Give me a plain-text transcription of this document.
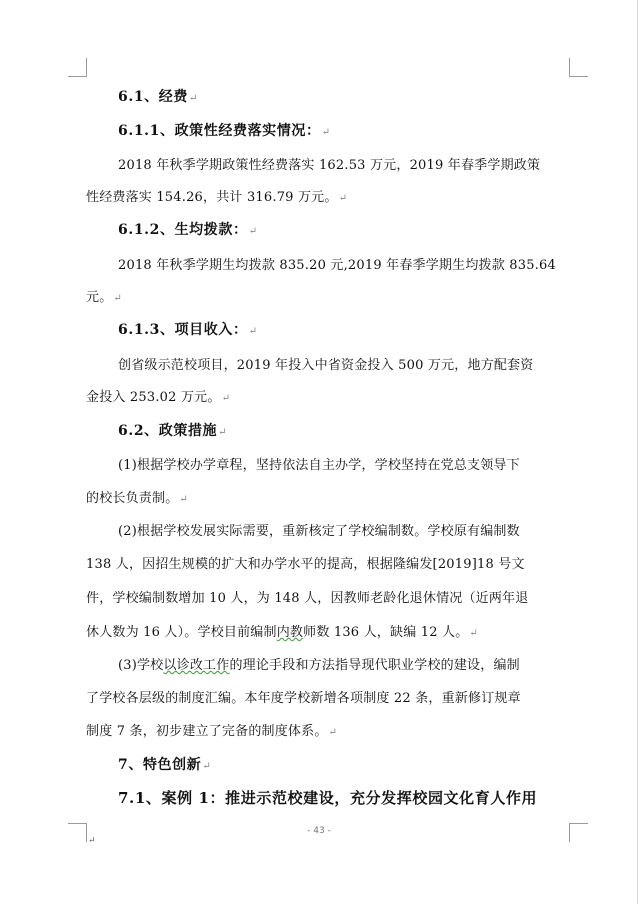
6.1、经费↵
6.1.1、政策性经费落实情况：↵
2018 年秋季学期政策性经费落实 162.53 万元，2019 年春季学期政策
性经费落实 154.26，共计 316.79 万元。↵
6.1.2、生均拨款：↵
2018 年秋季学期生均拨款 835.20 元,2019 年春季学期生均拨款 835.64
元。↵
6.1.3、项目收入：↵
创省级示范校项目，2019 年投入中省资金投入 500 万元，地方配套资
金投入 253.02 万元。↵
6.2、政策措施↵
(1)根据学校办学章程，坚持依法自主办学，学校坚持在党总支领导下
的校长负责制。↵
(2)根据学校发展实际需要，重新核定了学校编制数。学校原有编制数
138 人，因招生规模的扩大和办学水平的提高，根据隆编发[2019]18 号文
件，学校编制数增加 10 人，为 148 人，因教师老龄化退休情况（近两年退
休人数为 16 人）。学校目前编制内教师数 136 人，缺编 12 人。↵
(3)学校以诊改工作的理论手段和方法指导现代职业学校的建设，编制
了学校各层级的制度汇编。本年度学校新增各项制度 22 条，重新修订规章
制度 7 条，初步建立了完备的制度体系。↵
7、特色创新↵
7.1、案例 1：推进示范校建设，充分发挥校园文化育人作用
- 43 -
↵
